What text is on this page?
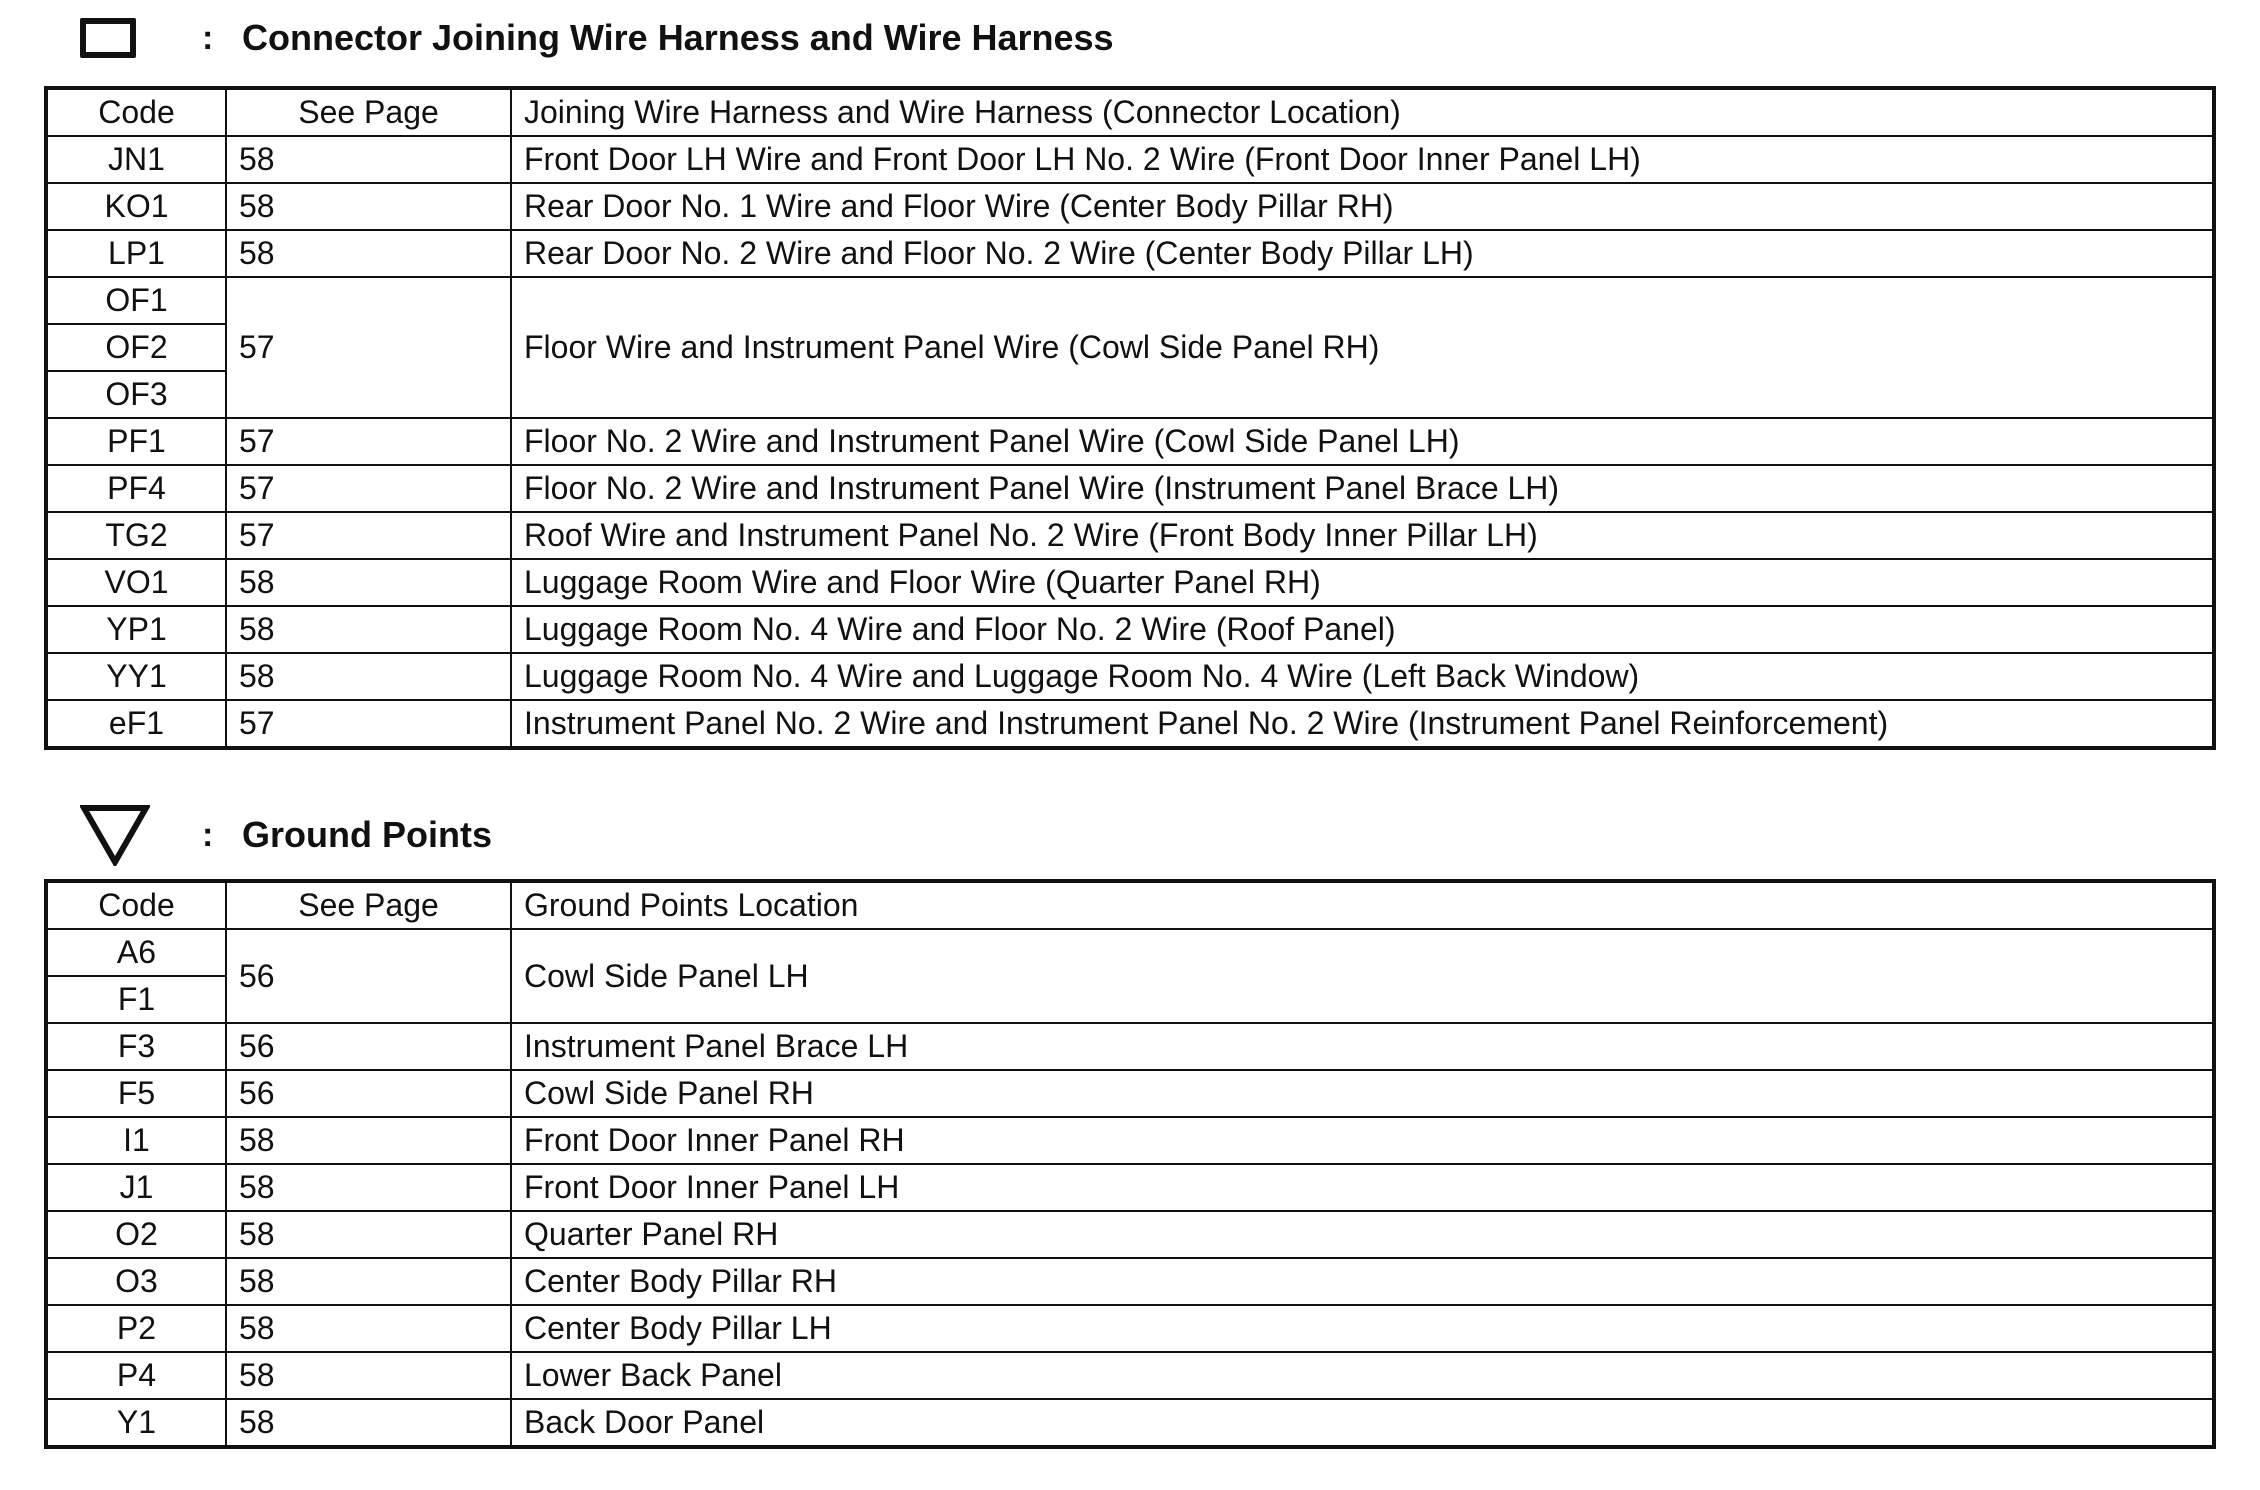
: Connector Joining Wire Harness and Wire Harness
Code	See Page	Joining Wire Harness and Wire Harness (Connector Location)
JN1	58	Front Door LH Wire and Front Door LH No. 2 Wire (Front Door Inner Panel LH)
KO1	58	Rear Door No. 1 Wire and Floor Wire (Center Body Pillar RH)
LP1	58	Rear Door No. 2 Wire and Floor No. 2 Wire (Center Body Pillar LH)
OF1	57	Floor Wire and Instrument Panel Wire (Cowl Side Panel RH)
OF2		
OF3		
PF1	57	Floor No. 2 Wire and Instrument Panel Wire (Cowl Side Panel LH)
PF4	57	Floor No. 2 Wire and Instrument Panel Wire (Instrument Panel Brace LH)
TG2	57	Roof Wire and Instrument Panel No. 2 Wire (Front Body Inner Pillar LH)
VO1	58	Luggage Room Wire and Floor Wire (Quarter Panel RH)
YP1	58	Luggage Room No. 4 Wire and Floor No. 2 Wire (Roof Panel)
YY1	58	Luggage Room No. 4 Wire and Luggage Room No. 4 Wire (Left Back Window)
eF1	57	Instrument Panel No. 2 Wire and Instrument Panel No. 2 Wire (Instrument Panel Reinforcement)
: Ground Points
Code	See Page	Ground Points Location
A6	56	Cowl Side Panel LH
F1		
F3	56	Instrument Panel Brace LH
F5	56	Cowl Side Panel RH
I1	58	Front Door Inner Panel RH
J1	58	Front Door Inner Panel LH
O2	58	Quarter Panel RH
O3	58	Center Body Pillar RH
P2	58	Center Body Pillar LH
P4	58	Lower Back Panel
Y1	58	Back Door Panel
